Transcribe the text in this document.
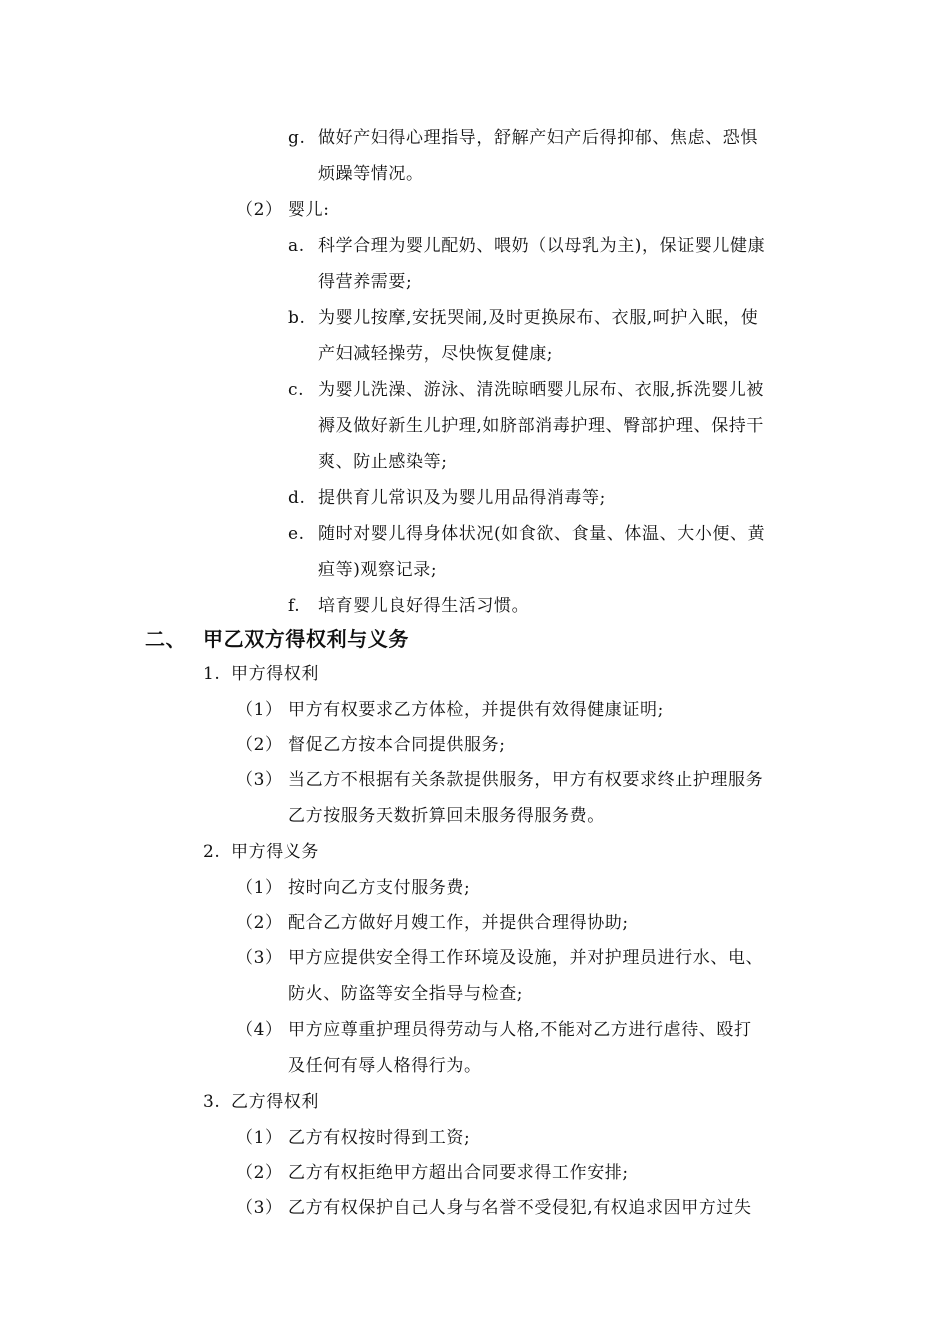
g. 做好产妇得心理指导，舒解产妇产后得抑郁、焦虑、恐惧
烦躁等情况。
（2） 婴儿:
a. 科学合理为婴儿配奶、喂奶（以母乳为主)，保证婴儿健康
得营养需要;
b. 为婴儿按摩,安抚哭闹,及时更换尿布、衣服,呵护入眠，使
产妇减轻操劳，尽快恢复健康;
c. 为婴儿洗澡、游泳、清洗晾晒婴儿尿布、衣服,拆洗婴儿被
褥及做好新生儿护理,如脐部消毒护理、臀部护理、保持干
爽、防止感染等;
d. 提供育儿常识及为婴儿用品得消毒等;
e. 随时对婴儿得身体状况(如食欲、食量、体温、大小便、黄
疸等)观察记录;
f. 培育婴儿良好得生活习惯。
二、 甲乙双方得权利与义务
1. 甲方得权利
（1） 甲方有权要求乙方体检，并提供有效得健康证明;
（2） 督促乙方按本合同提供服务;
（3） 当乙方不根据有关条款提供服务，甲方有权要求终止护理服务
乙方按服务天数折算回未服务得服务费。
2. 甲方得义务
（1） 按时向乙方支付服务费;
（2） 配合乙方做好月嫂工作，并提供合理得协助;
（3） 甲方应提供安全得工作环境及设施，并对护理员进行水、电、
防火、防盗等安全指导与检查;
（4） 甲方应尊重护理员得劳动与人格,不能对乙方进行虐待、殴打
及任何有辱人格得行为。
3. 乙方得权利
（1） 乙方有权按时得到工资;
（2） 乙方有权拒绝甲方超出合同要求得工作安排;
（3） 乙方有权保护自己人身与名誉不受侵犯,有权追求因甲方过失
